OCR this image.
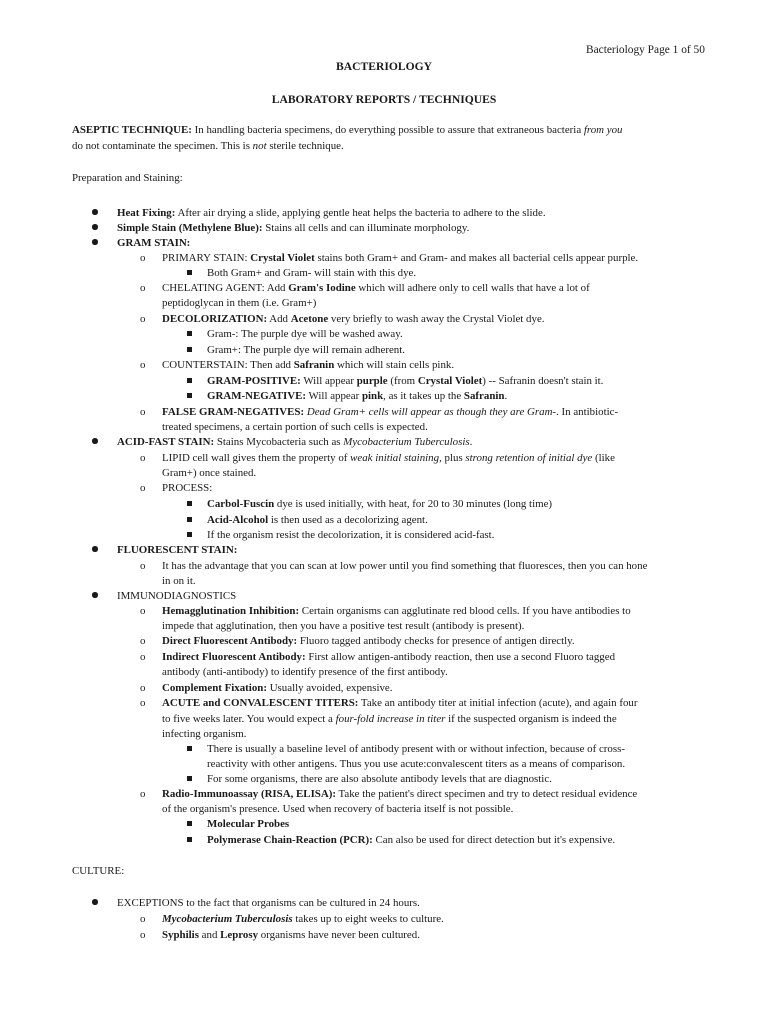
Bacteriology Page 1 of 50
BACTERIOLOGY
LABORATORY REPORTS / TECHNIQUES
ASEPTIC TECHNIQUE: In handling bacteria specimens, do everything possible to assure that extraneous bacteria from you
do not contaminate the specimen. This is not sterile technique.
Preparation and Staining:
CULTURE:
Heat Fixing: After air drying a slide, applying gentle heat helps the bacteria to adhere to the slide.
Simple Stain (Methylene Blue): Stains all cells and can illuminate morphology.
GRAM STAIN:
o PRIMARY STAIN: Crystal Violet stains both Gram+ and Gram- and makes all bacterial cells appear purple.
Both Gram+ and Gram- will stain with this dye.
o CHELATING AGENT: Add Gram's Iodine which will adhere only to cell walls that have a lot of
peptidoglycan in them (i.e. Gram+)
o DECOLORIZATION: Add Acetone very briefly to wash away the Crystal Violet dye.
Gram-: The purple dye will be washed away.
Gram+: The purple dye will remain adherent.
o COUNTERSTAIN: Then add Safranin which will stain cells pink.
GRAM-POSITIVE: Will appear purple (from Crystal Violet) -- Safranin doesn't stain it.
GRAM-NEGATIVE: Will appear pink, as it takes up the Safranin.
o FALSE GRAM-NEGATIVES: Dead Gram+ cells will appear as though they are Gram-. In antibiotic-
treated specimens, a certain portion of such cells is expected.
ACID-FAST STAIN: Stains Mycobacteria such as Mycobacterium Tuberculosis.
o LIPID cell wall gives them the property of weak initial staining, plus strong retention of initial dye (like
Gram+) once stained.
o PROCESS:
Carbol-Fuscin dye is used initially, with heat, for 20 to 30 minutes (long time)
Acid-Alcohol is then used as a decolorizing agent.
If the organism resist the decolorization, it is considered acid-fast.
FLUORESCENT STAIN:
o It has the advantage that you can scan at low power until you find something that fluoresces, then you can hone
in on it.
IMMUNODIAGNOSTICS
o Hemagglutination Inhibition: Certain organisms can agglutinate red blood cells. If you have antibodies to
impede that agglutination, then you have a positive test result (antibody is present).
o Direct Fluorescent Antibody: Fluoro tagged antibody checks for presence of antigen directly.
o Indirect Fluorescent Antibody: First allow antigen-antibody reaction, then use a second Fluoro tagged
antibody (anti-antibody) to identify presence of the first antibody.
o Complement Fixation: Usually avoided, expensive.
o ACUTE and CONVALESCENT TITERS: Take an antibody titer at initial infection (acute), and again four
to five weeks later. You would expect a four-fold increase in titer if the suspected organism is indeed the
infecting organism.
There is usually a baseline level of antibody present with or without infection, because of cross-
reactivity with other antigens. Thus you use acute:convalescent titers as a means of comparison.
For some organisms, there are also absolute antibody levels that are diagnostic.
o Radio-Immunoassay (RISA, ELISA): Take the patient's direct specimen and try to detect residual evidence
of the organism's presence. Used when recovery of bacteria itself is not possible.
Molecular Probes
Polymerase Chain-Reaction (PCR): Can also be used for direct detection but it's expensive.
EXCEPTIONS to the fact that organisms can be cultured in 24 hours.
o Mycobacterium Tuberculosis takes up to eight weeks to culture.
o Syphilis and Leprosy organisms have never been cultured.
